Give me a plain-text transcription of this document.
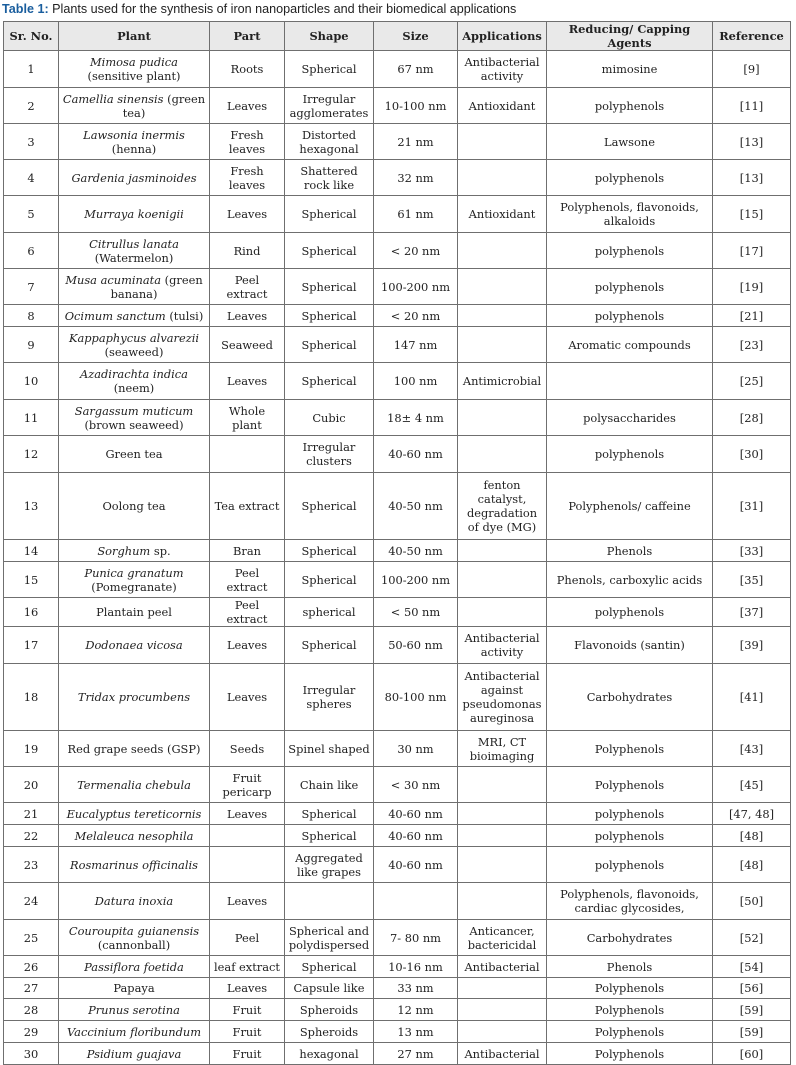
Table 1: Plants used for the synthesis of iron nanoparticles and their biomedical applications
Sr. No.	Plant	Part	Shape	Size	Applications	Reducing/ Capping Agents	Reference
1	Mimosa pudica (sensitive plant)	Roots	Spherical	67 nm	Antibacterial activity	mimosine	[9]
2	Camellia sinensis (green tea)	Leaves	Irregular agglomerates	10-100 nm	Antioxidant	polyphenols	[11]
3	Lawsonia inermis (henna)	Fresh leaves	Distorted hexagonal	21 nm		Lawsone	[13]
4	Gardenia jasminoides	Fresh leaves	Shattered rock like	32 nm		polyphenols	[13]
5	Murraya koenigii	Leaves	Spherical	61 nm	Antioxidant	Polyphenols, flavonoids, alkaloids	[15]
6	Citrullus lanata (Watermelon)	Rind	Spherical	< 20 nm		polyphenols	[17]
7	Musa acuminata (green banana)	Peel extract	Spherical	100-200 nm		polyphenols	[19]
8	Ocimum sanctum (tulsi)	Leaves	Spherical	< 20 nm		polyphenols	[21]
9	Kappaphycus alvarezii (seaweed)	Seaweed	Spherical	147 nm		Aromatic compounds	[23]
10	Azadirachta indica (neem)	Leaves	Spherical	100 nm	Antimicrobial		[25]
11	Sargassum muticum (brown seaweed)	Whole plant	Cubic	18± 4 nm		polysaccharides	[28]
12	Green tea		Irregular clusters	40-60 nm		polyphenols	[30]
13	Oolong tea	Tea extract	Spherical	40-50 nm	fenton catalyst, degradation of dye (MG)	Polyphenols/ caffeine	[31]
14	Sorghum sp.	Bran	Spherical	40-50 nm		Phenols	[33]
15	Punica granatum (Pomegranate)	Peel extract	Spherical	100-200 nm		Phenols, carboxylic acids	[35]
16	Plantain peel	Peel extract	spherical	< 50 nm		polyphenols	[37]
17	Dodonaea vicosa	Leaves	Spherical	50-60 nm	Antibacterial activity	Flavonoids (santin)	[39]
18	Tridax procumbens	Leaves	Irregular spheres	80-100 nm	Antibacterial against pseudomonas aureginosa	Carbohydrates	[41]
19	Red grape seeds (GSP)	Seeds	Spinel shaped	30 nm	MRI, CT bioimaging	Polyphenols	[43]
20	Termenalia chebula	Fruit pericarp	Chain like	< 30 nm		Polyphenols	[45]
21	Eucalyptus tereticornis	Leaves	Spherical	40-60 nm		polyphenols	[47, 48]
22	Melaleuca nesophila		Spherical	40-60 nm		polyphenols	[48]
23	Rosmarinus officinalis		Aggregated like grapes	40-60 nm		polyphenols	[48]
24	Datura inoxia	Leaves				Polyphenols, flavonoids, cardiac glycosides,	[50]
25	Couroupita guianensis (cannonball)	Peel	Spherical and polydispersed	7- 80 nm	Anticancer, bactericidal	Carbohydrates	[52]
26	Passiflora foetida	leaf extract	Spherical	10-16 nm	Antibacterial	Phenols	[54]
27	Papaya	Leaves	Capsule like	33 nm		Polyphenols	[56]
28	Prunus serotina	Fruit	Spheroids	12 nm		Polyphenols	[59]
29	Vaccinium floribundum	Fruit	Spheroids	13 nm		Polyphenols	[59]
30	Psidium guajava	Fruit	hexagonal	27 nm	Antibacterial	Polyphenols	[60]
